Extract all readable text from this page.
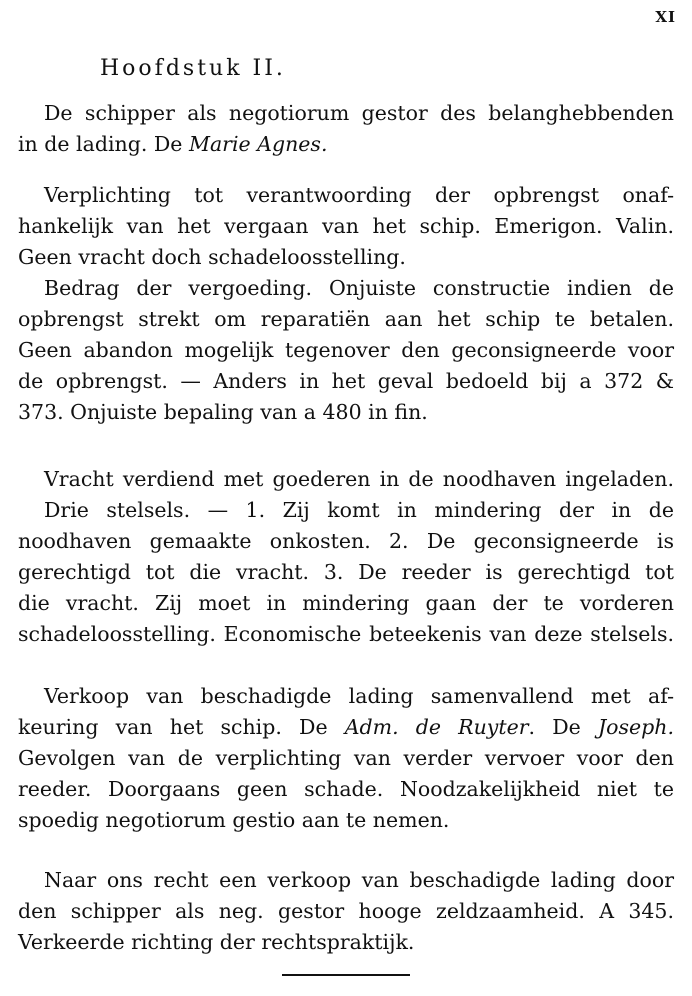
XI
Hoofdstuk II.
De schipper als negotiorum gestor des belanghebbenden
in de lading. De Marie Agnes.
Verplichting tot verantwoording der opbrengst onaf-
hankelijk van het vergaan van het schip. Emerigon. Valin.
Geen vracht doch schadeloosstelling.
Bedrag der vergoeding. Onjuiste constructie indien de
opbrengst strekt om reparatiën aan het schip te betalen.
Geen abandon mogelijk tegenover den geconsigneerde voor
de opbrengst. — Anders in het geval bedoeld bij a 372 &
373. Onjuiste bepaling van a 480 in fin.
Vracht verdiend met goederen in de noodhaven ingeladen.
Drie stelsels. — 1. Zij komt in mindering der in de
noodhaven gemaakte onkosten. 2. De geconsigneerde is
gerechtigd tot die vracht. 3. De reeder is gerechtigd tot
die vracht. Zij moet in mindering gaan der te vorderen
schadeloosstelling. Economische beteekenis van deze stelsels.
Verkoop van beschadigde lading samenvallend met af-
keuring van het schip. De Adm. de Ruyter. De Joseph.
Gevolgen van de verplichting van verder vervoer voor den
reeder. Doorgaans geen schade. Noodzakelijkheid niet te
spoedig negotiorum gestio aan te nemen.
Naar ons recht een verkoop van beschadigde lading door
den schipper als neg. gestor hooge zeldzaamheid. A 345.
Verkeerde richting der rechtspraktijk.
